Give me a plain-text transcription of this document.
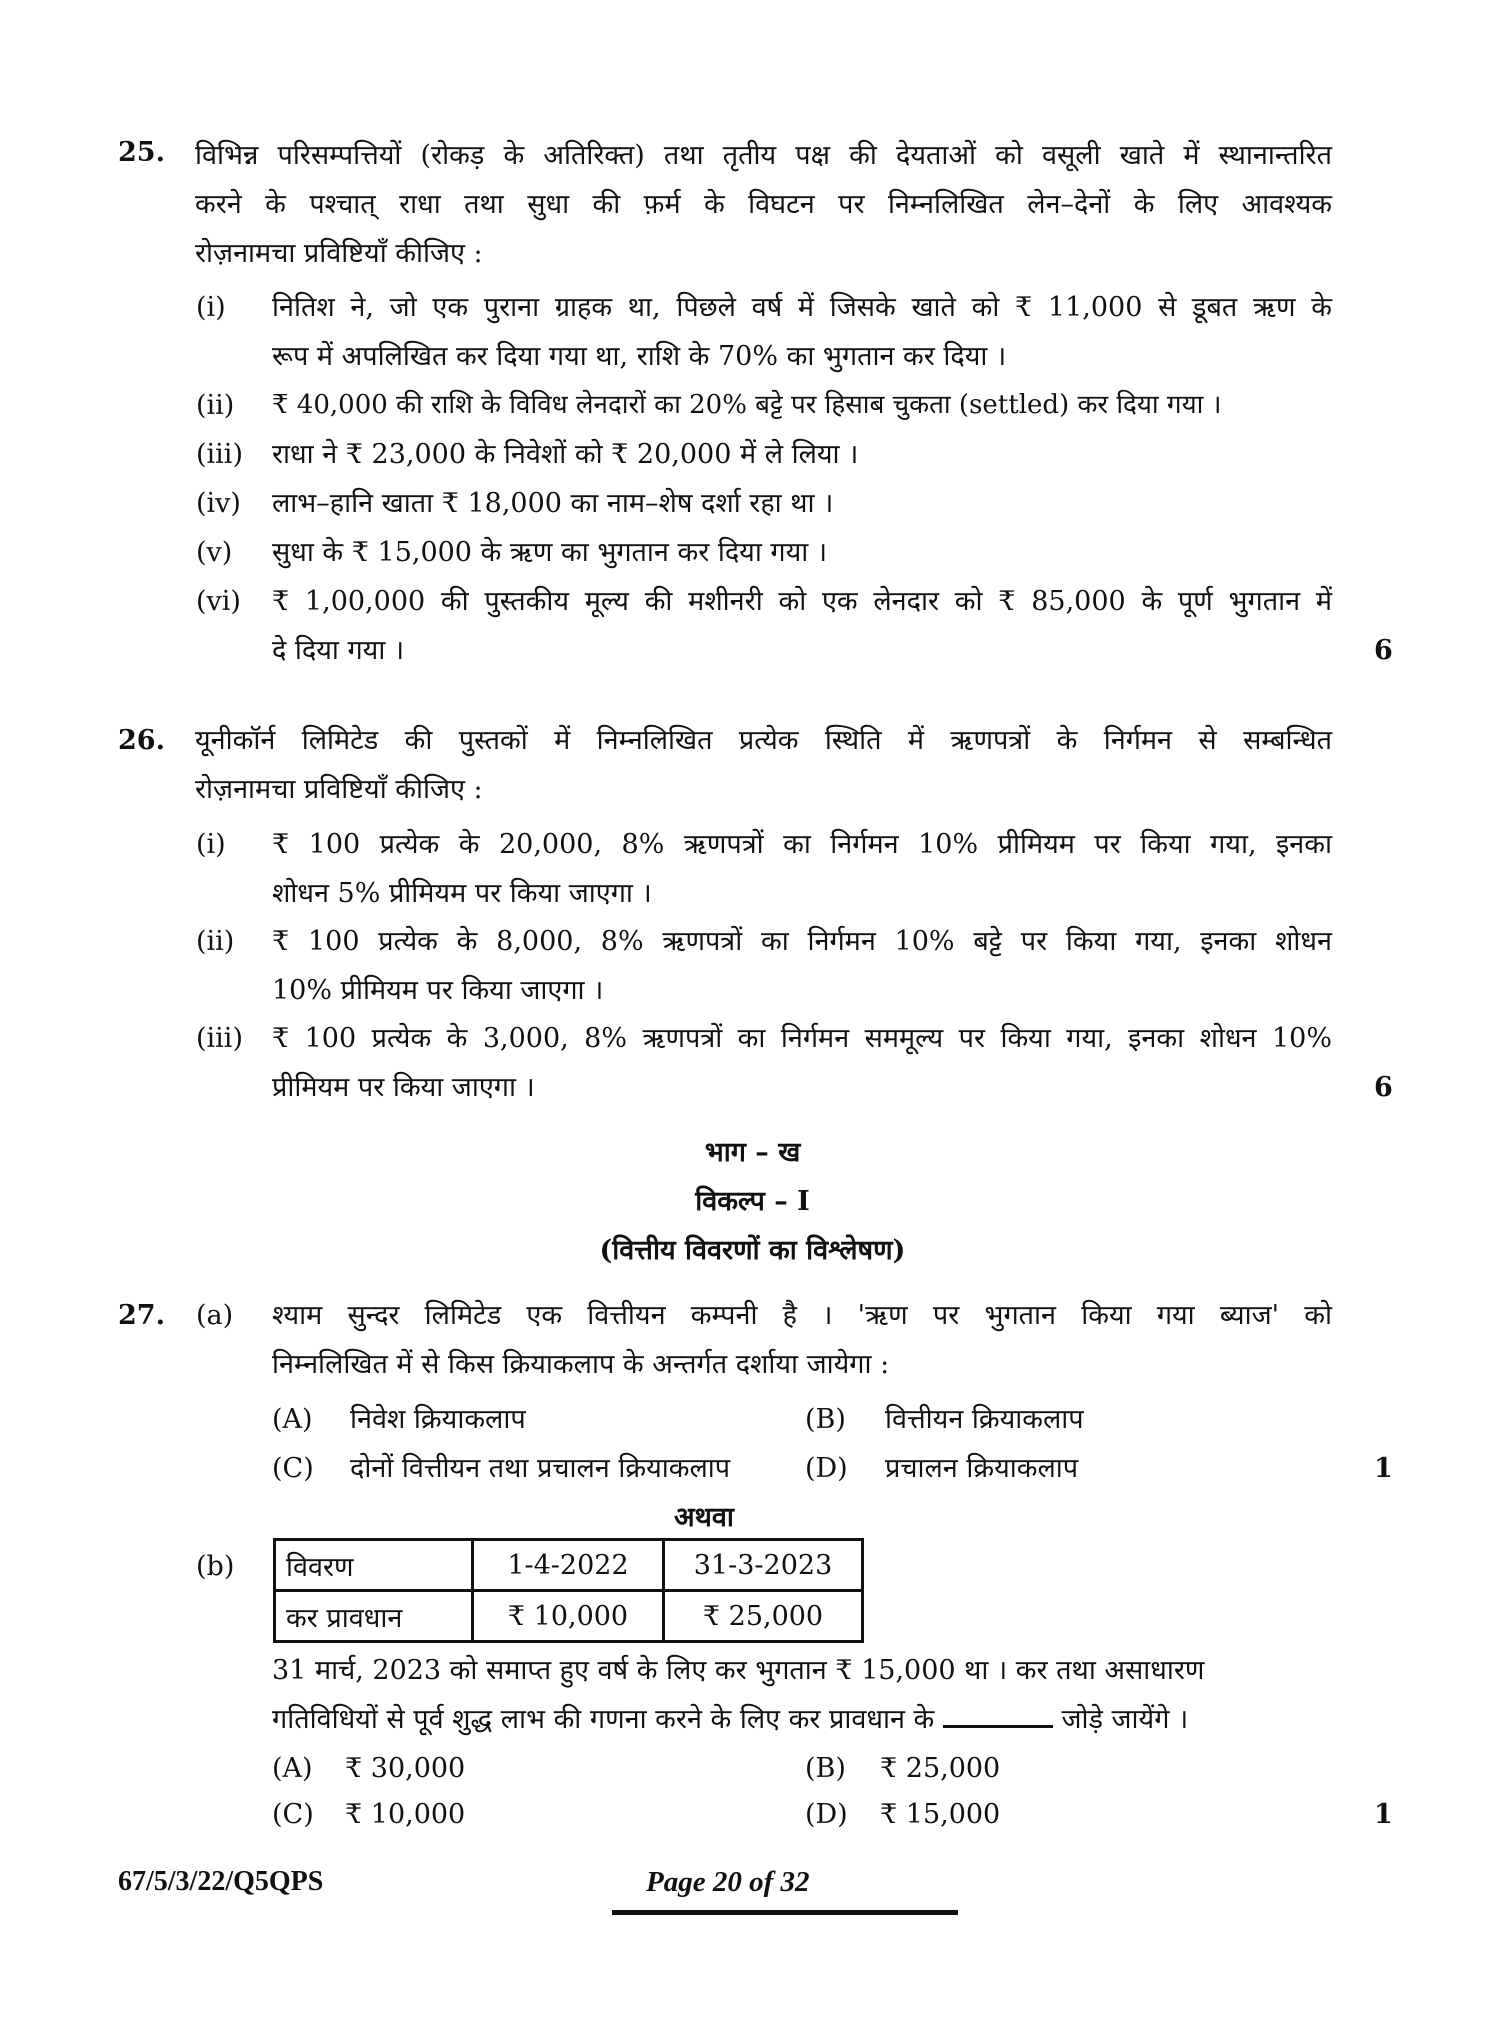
25. विभिन्न परिसम्पत्तियों (रोकड़ के अतिरिक्त) तथा तृतीय पक्ष की देयताओं को वसूली खाते में स्थानान्तरित
करने के पश्चात् राधा तथा सुधा की फ़र्म के विघटन पर निम्नलिखित लेन–देनों के लिए आवश्यक
रोज़नामचा प्रविष्टियाँ कीजिए :
(i) नितिश ने, जो एक पुराना ग्राहक था, पिछले वर्ष में जिसके खाते को ₹ 11,000 से डूबत ऋण के
रूप में अपलिखित कर दिया गया था, राशि के 70% का भुगतान कर दिया ।
(ii) ₹ 40,000 की राशि के विविध लेनदारों का 20% बट्टे पर हिसाब चुकता (settled) कर दिया गया ।
(iii) राधा ने ₹ 23,000 के निवेशों को ₹ 20,000 में ले लिया ।
(iv) लाभ–हानि खाता ₹ 18,000 का नाम–शेष दर्शा रहा था ।
(v) सुधा के ₹ 15,000 के ऋण का भुगतान कर दिया गया ।
(vi) ₹ 1,00,000 की पुस्तकीय मूल्य की मशीनरी को एक लेनदार को ₹ 85,000 के पूर्ण भुगतान में
दे दिया गया ।	6
26. यूनीकॉर्न लिमिटेड की पुस्तकों में निम्नलिखित प्रत्येक स्थिति में ऋणपत्रों के निर्गमन से सम्बन्धित
रोज़नामचा प्रविष्टियाँ कीजिए :
(i) ₹ 100 प्रत्येक के 20,000, 8% ऋणपत्रों का निर्गमन 10% प्रीमियम पर किया गया, इनका
शोधन 5% प्रीमियम पर किया जाएगा ।
(ii) ₹ 100 प्रत्येक के 8,000, 8% ऋणपत्रों का निर्गमन 10% बट्टे पर किया गया, इनका शोधन
10% प्रीमियम पर किया जाएगा ।
(iii) ₹ 100 प्रत्येक के 3,000, 8% ऋणपत्रों का निर्गमन सममूल्य पर किया गया, इनका शोधन 10%
प्रीमियम पर किया जाएगा ।	6
भाग – ख
विकल्प – I
(वित्तीय विवरणों का विश्लेषण)
27. (a) श्याम सुन्दर लिमिटेड एक वित्तीयन कम्पनी है । 'ऋण पर भुगतान किया गया ब्याज' को
निम्नलिखित में से किस क्रियाकलाप के अन्तर्गत दर्शाया जायेगा :
(A) निवेश क्रियाकलाप	(B) वित्तीयन क्रियाकलाप
(C) दोनों वित्तीयन तथा प्रचालन क्रियाकलाप	(D) प्रचालन क्रियाकलाप	1
अथवा
(b) विवरण	1-4-2022	31-3-2023
कर प्रावधान	₹ 10,000	₹ 25,000
31 मार्च, 2023 को समाप्त हुए वर्ष के लिए कर भुगतान ₹ 15,000 था । कर तथा असाधारण
गतिविधियों से पूर्व शुद्ध लाभ की गणना करने के लिए कर प्रावधान के	जोड़े जायेंगे ।
(A) ₹ 30,000	(B) ₹ 25,000
(C) ₹ 10,000	(D) ₹ 15,000	1
67/5/3/22/Q5QPS	Page 20 of 32
